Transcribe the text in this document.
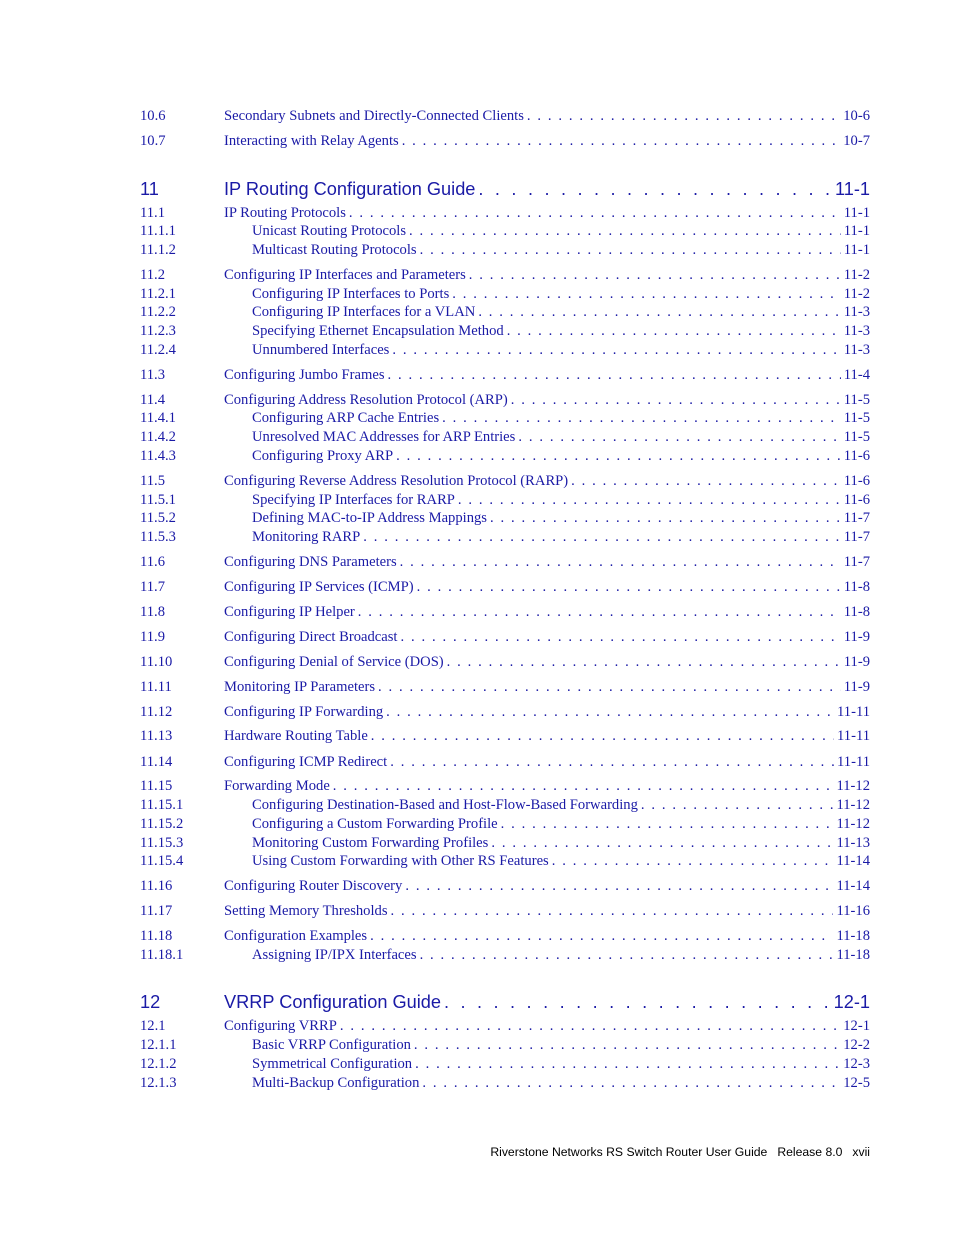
10.6	Secondary Subnets and Directly-Connected Clients . . .	10-6
10.7	Interacting with Relay Agents . . .	10-7
11	IP Routing Configuration Guide . . .	11-1
11.1	IP Routing Protocols . . .	11-1
11.1.1	Unicast Routing Protocols . . .	11-1
11.1.2	Multicast Routing Protocols . . .	11-1
11.2	Configuring IP Interfaces and Parameters . . .	11-2
11.2.1	Configuring IP Interfaces to Ports . . .	11-2
11.2.2	Configuring IP Interfaces for a VLAN . . .	11-3
11.2.3	Specifying Ethernet Encapsulation Method . . .	11-3
11.2.4	Unnumbered Interfaces . . .	11-3
11.3	Configuring Jumbo Frames . . .	11-4
11.4	Configuring Address Resolution Protocol (ARP) . . .	11-5
11.4.1	Configuring ARP Cache Entries . . .	11-5
11.4.2	Unresolved MAC Addresses for ARP Entries . . .	11-5
11.4.3	Configuring Proxy ARP . . .	11-6
11.5	Configuring Reverse Address Resolution Protocol (RARP) . . .	11-6
11.5.1	Specifying IP Interfaces for RARP . . .	11-6
11.5.2	Defining MAC-to-IP Address Mappings . . .	11-7
11.5.3	Monitoring RARP . . .	11-7
11.6	Configuring DNS Parameters . . .	11-7
11.7	Configuring IP Services (ICMP) . . .	11-8
11.8	Configuring IP Helper . . .	11-8
11.9	Configuring Direct Broadcast . . .	11-9
11.10	Configuring Denial of Service (DOS) . . .	11-9
11.11	Monitoring IP Parameters . . .	11-9
11.12	Configuring IP Forwarding . . .	11-11
11.13	Hardware Routing Table . . .	11-11
11.14	Configuring ICMP Redirect . . .	11-11
11.15	Forwarding Mode . . .	11-12
11.15.1	Configuring Destination-Based and Host-Flow-Based Forwarding . . .	11-12
11.15.2	Configuring a Custom Forwarding Profile . . .	11-12
11.15.3	Monitoring Custom Forwarding Profiles . . .	11-13
11.15.4	Using Custom Forwarding with Other RS Features . . .	11-14
11.16	Configuring Router Discovery . . .	11-14
11.17	Setting Memory Thresholds . . .	11-16
11.18	Configuration Examples . . .	11-18
11.18.1	Assigning IP/IPX Interfaces . . .	11-18
12	VRRP Configuration Guide . . .	12-1
12.1	Configuring VRRP . . .	12-1
12.1.1	Basic VRRP Configuration . . .	12-2
12.1.2	Symmetrical Configuration . . .	12-3
12.1.3	Multi-Backup Configuration . . .	12-5
Riverstone Networks RS Switch Router User Guide Release 8.0 xvii
